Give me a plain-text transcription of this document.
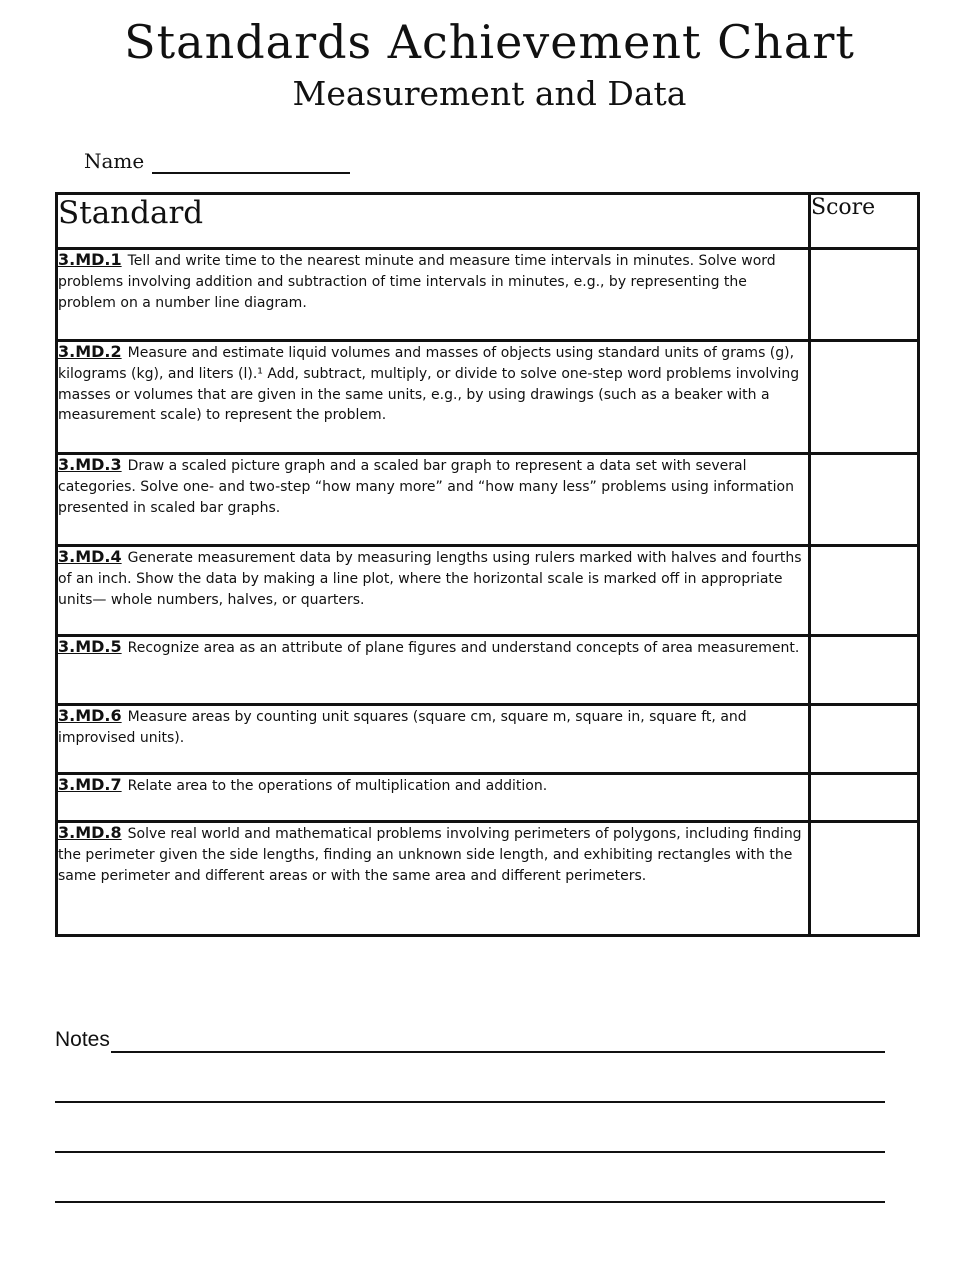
Standards Achievement Chart
Measurement and Data
Name
Standard	Score
3.MD.1 Tell and write time to the nearest minute and measure time intervals in minutes. Solve word problems involving addition and subtraction of time intervals in minutes, e.g., by representing the problem on a number line diagram.	
3.MD.2 Measure and estimate liquid volumes and masses of objects using standard units of grams (g), kilograms (kg), and liters (l).¹ Add, subtract, multiply, or divide to solve one-step word problems involving masses or volumes that are given in the same units, e.g., by using drawings (such as a beaker with a measurement scale) to represent the problem.	
3.MD.3 Draw a scaled picture graph and a scaled bar graph to represent a data set with several categories. Solve one- and two-step “how many more” and “how many less” problems using information presented in scaled bar graphs.	
3.MD.4 Generate measurement data by measuring lengths using rulers marked with halves and fourths of an inch. Show the data by making a line plot, where the horizontal scale is marked off in appropriate units— whole numbers, halves, or quarters.	
3.MD.5 Recognize area as an attribute of plane figures and understand concepts of area measurement.	
3.MD.6 Measure areas by counting unit squares (square cm, square m, square in, square ft, and improvised units).	
3.MD.7 Relate area to the operations of multiplication and addition.	
3.MD.8 Solve real world and mathematical problems involving perimeters of polygons, including finding the perimeter given the side lengths, finding an unknown side length, and exhibiting rectangles with the same perimeter and different areas or with the same area and different perimeters.	
Notes
